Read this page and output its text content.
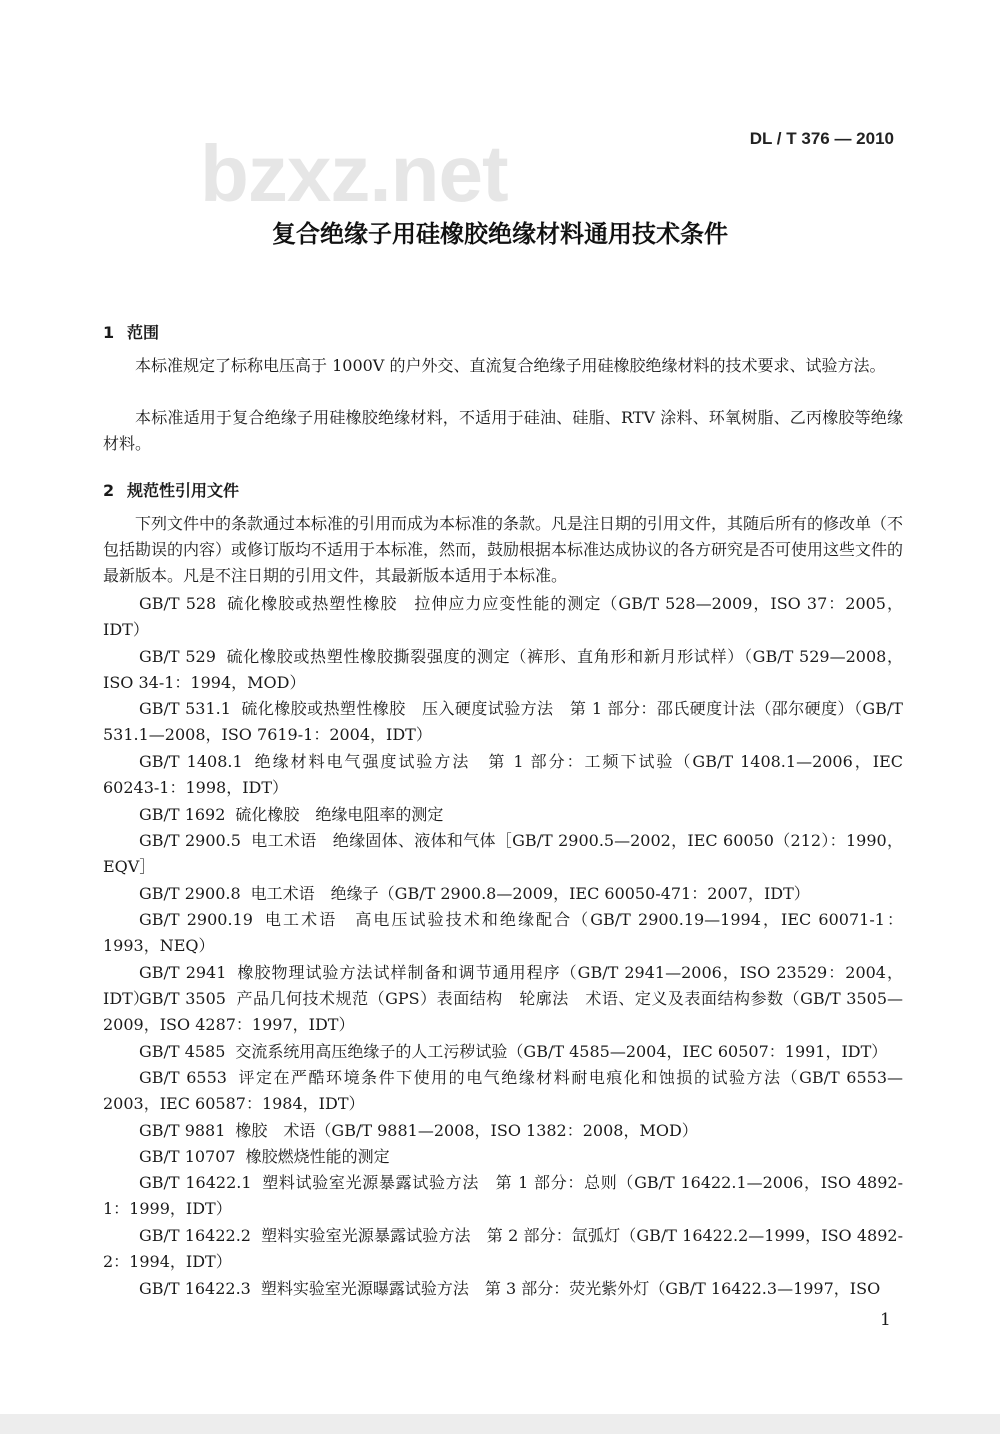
bzxz.net	DL / T 376 — 2010
复合绝缘子用硅橡胶绝缘材料通用技术条件
1 范围
本标准规定了标称电压高于 1000V 的户外交、直流复合绝缘子用硅橡胶绝缘材料的技术要求、试验方法。
本标准适用于复合绝缘子用硅橡胶绝缘材料，不适用于硅油、硅脂、RTV 涂料、环氧树脂、乙丙橡胶等绝缘材料。
2 规范性引用文件
下列文件中的条款通过本标准的引用而成为本标准的条款。凡是注日期的引用文件，其随后所有的修改单（不包括勘误的内容）或修订版均不适用于本标准，然而，鼓励根据本标准达成协议的各方研究是否可使用这些文件的最新版本。凡是不注日期的引用文件，其最新版本适用于本标准。
GB/T 528 硫化橡胶或热塑性橡胶　拉伸应力应变性能的测定（GB/T 528—2009，ISO 37：2005，IDT）
GB/T 529 硫化橡胶或热塑性橡胶撕裂强度的测定（裤形、直角形和新月形试样）（GB/T 529—2008，ISO 34-1：1994，MOD）
GB/T 531.1 硫化橡胶或热塑性橡胶　压入硬度试验方法　第 1 部分：邵氏硬度计法（邵尔硬度）（GB/T 531.1—2008，ISO 7619-1：2004，IDT）
GB/T 1408.1 绝缘材料电气强度试验方法　第 1 部分：工频下试验（GB/T 1408.1—2006，IEC 60243-1：1998，IDT）
GB/T 1692 硫化橡胶　绝缘电阻率的测定
GB/T 2900.5 电工术语　绝缘固体、液体和气体［GB/T 2900.5—2002，IEC 60050（212）：1990，EQV］
GB/T 2900.8 电工术语　绝缘子（GB/T 2900.8—2009，IEC 60050-471：2007，IDT）
GB/T 2900.19 电工术语　高电压试验技术和绝缘配合（GB/T 2900.19—1994，IEC 60071-1：1993，NEQ）
GB/T 2941 橡胶物理试验方法试样制备和调节通用程序（GB/T 2941—2006，ISO 23529：2004，IDT）
GB/T 3505 产品几何技术规范（GPS）表面结构　轮廓法　术语、定义及表面结构参数（GB/T 3505—2009，ISO 4287：1997，IDT）
GB/T 4585 交流系统用高压绝缘子的人工污秽试验（GB/T 4585—2004，IEC 60507：1991，IDT）
GB/T 6553 评定在严酷环境条件下使用的电气绝缘材料耐电痕化和蚀损的试验方法（GB/T 6553—2003，IEC 60587：1984，IDT）
GB/T 9881 橡胶　术语（GB/T 9881—2008，ISO 1382：2008，MOD）
GB/T 10707 橡胶燃烧性能的测定
GB/T 16422.1 塑料试验室光源暴露试验方法　第 1 部分：总则（GB/T 16422.1—2006，ISO 4892-1：1999，IDT）
GB/T 16422.2 塑料实验室光源暴露试验方法　第 2 部分：氙弧灯（GB/T 16422.2—1999，ISO 4892-2：1994，IDT）
GB/T 16422.3 塑料实验室光源曝露试验方法　第 3 部分：荧光紫外灯（GB/T 16422.3—1997，ISO
1
